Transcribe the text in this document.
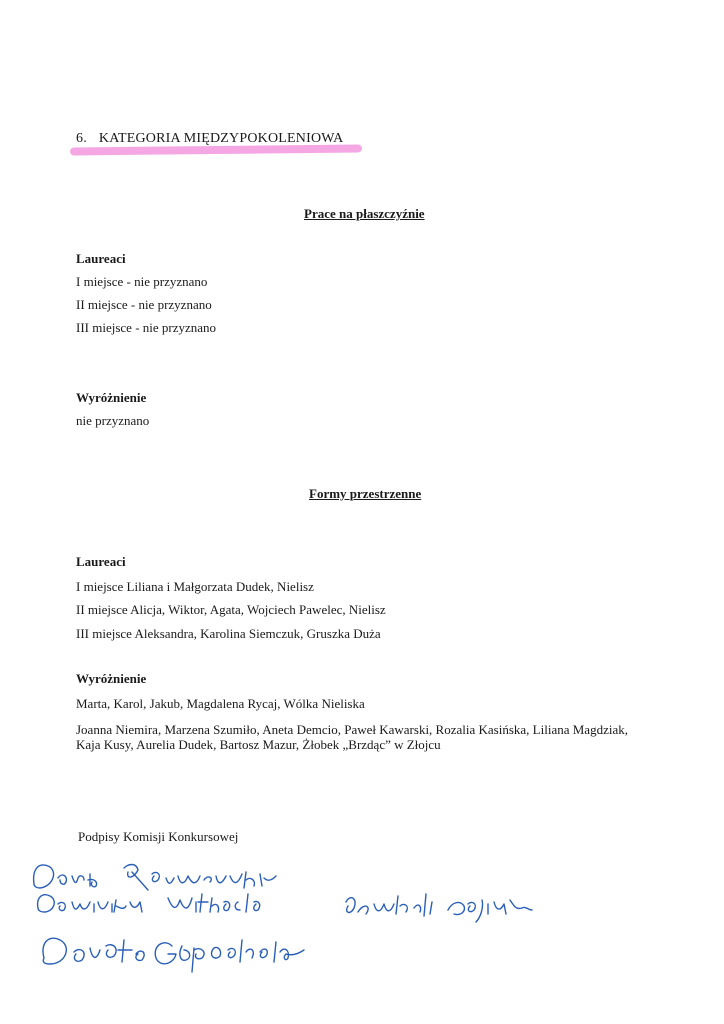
6. KATEGORIA MIĘDZYPOKOLENIOWA
Prace na płaszczyźnie
Laureaci
I miejsce - nie przyznano
II miejsce - nie przyznano
III miejsce - nie przyznano
Wyróżnienie
nie przyznano
Formy przestrzenne
Laureaci
I miejsce Liliana i Małgorzata Dudek, Nielisz
II miejsce Alicja, Wiktor, Agata, Wojciech Pawelec, Nielisz
III miejsce Aleksandra, Karolina Siemczuk, Gruszka Duża
Wyróżnienie
Marta, Karol, Jakub, Magdalena Rycaj, Wólka Nieliska
Joanna Niemira, Marzena Szumiło, Aneta Demcio, Paweł Kawarski, Rozalia Kasińska, Liliana Magdziak, Kaja Kusy, Aurelia Dudek, Bartosz Mazur, Żłobek „Brzdąc” w Złojcu
Podpisy Komisji Konkursowej
